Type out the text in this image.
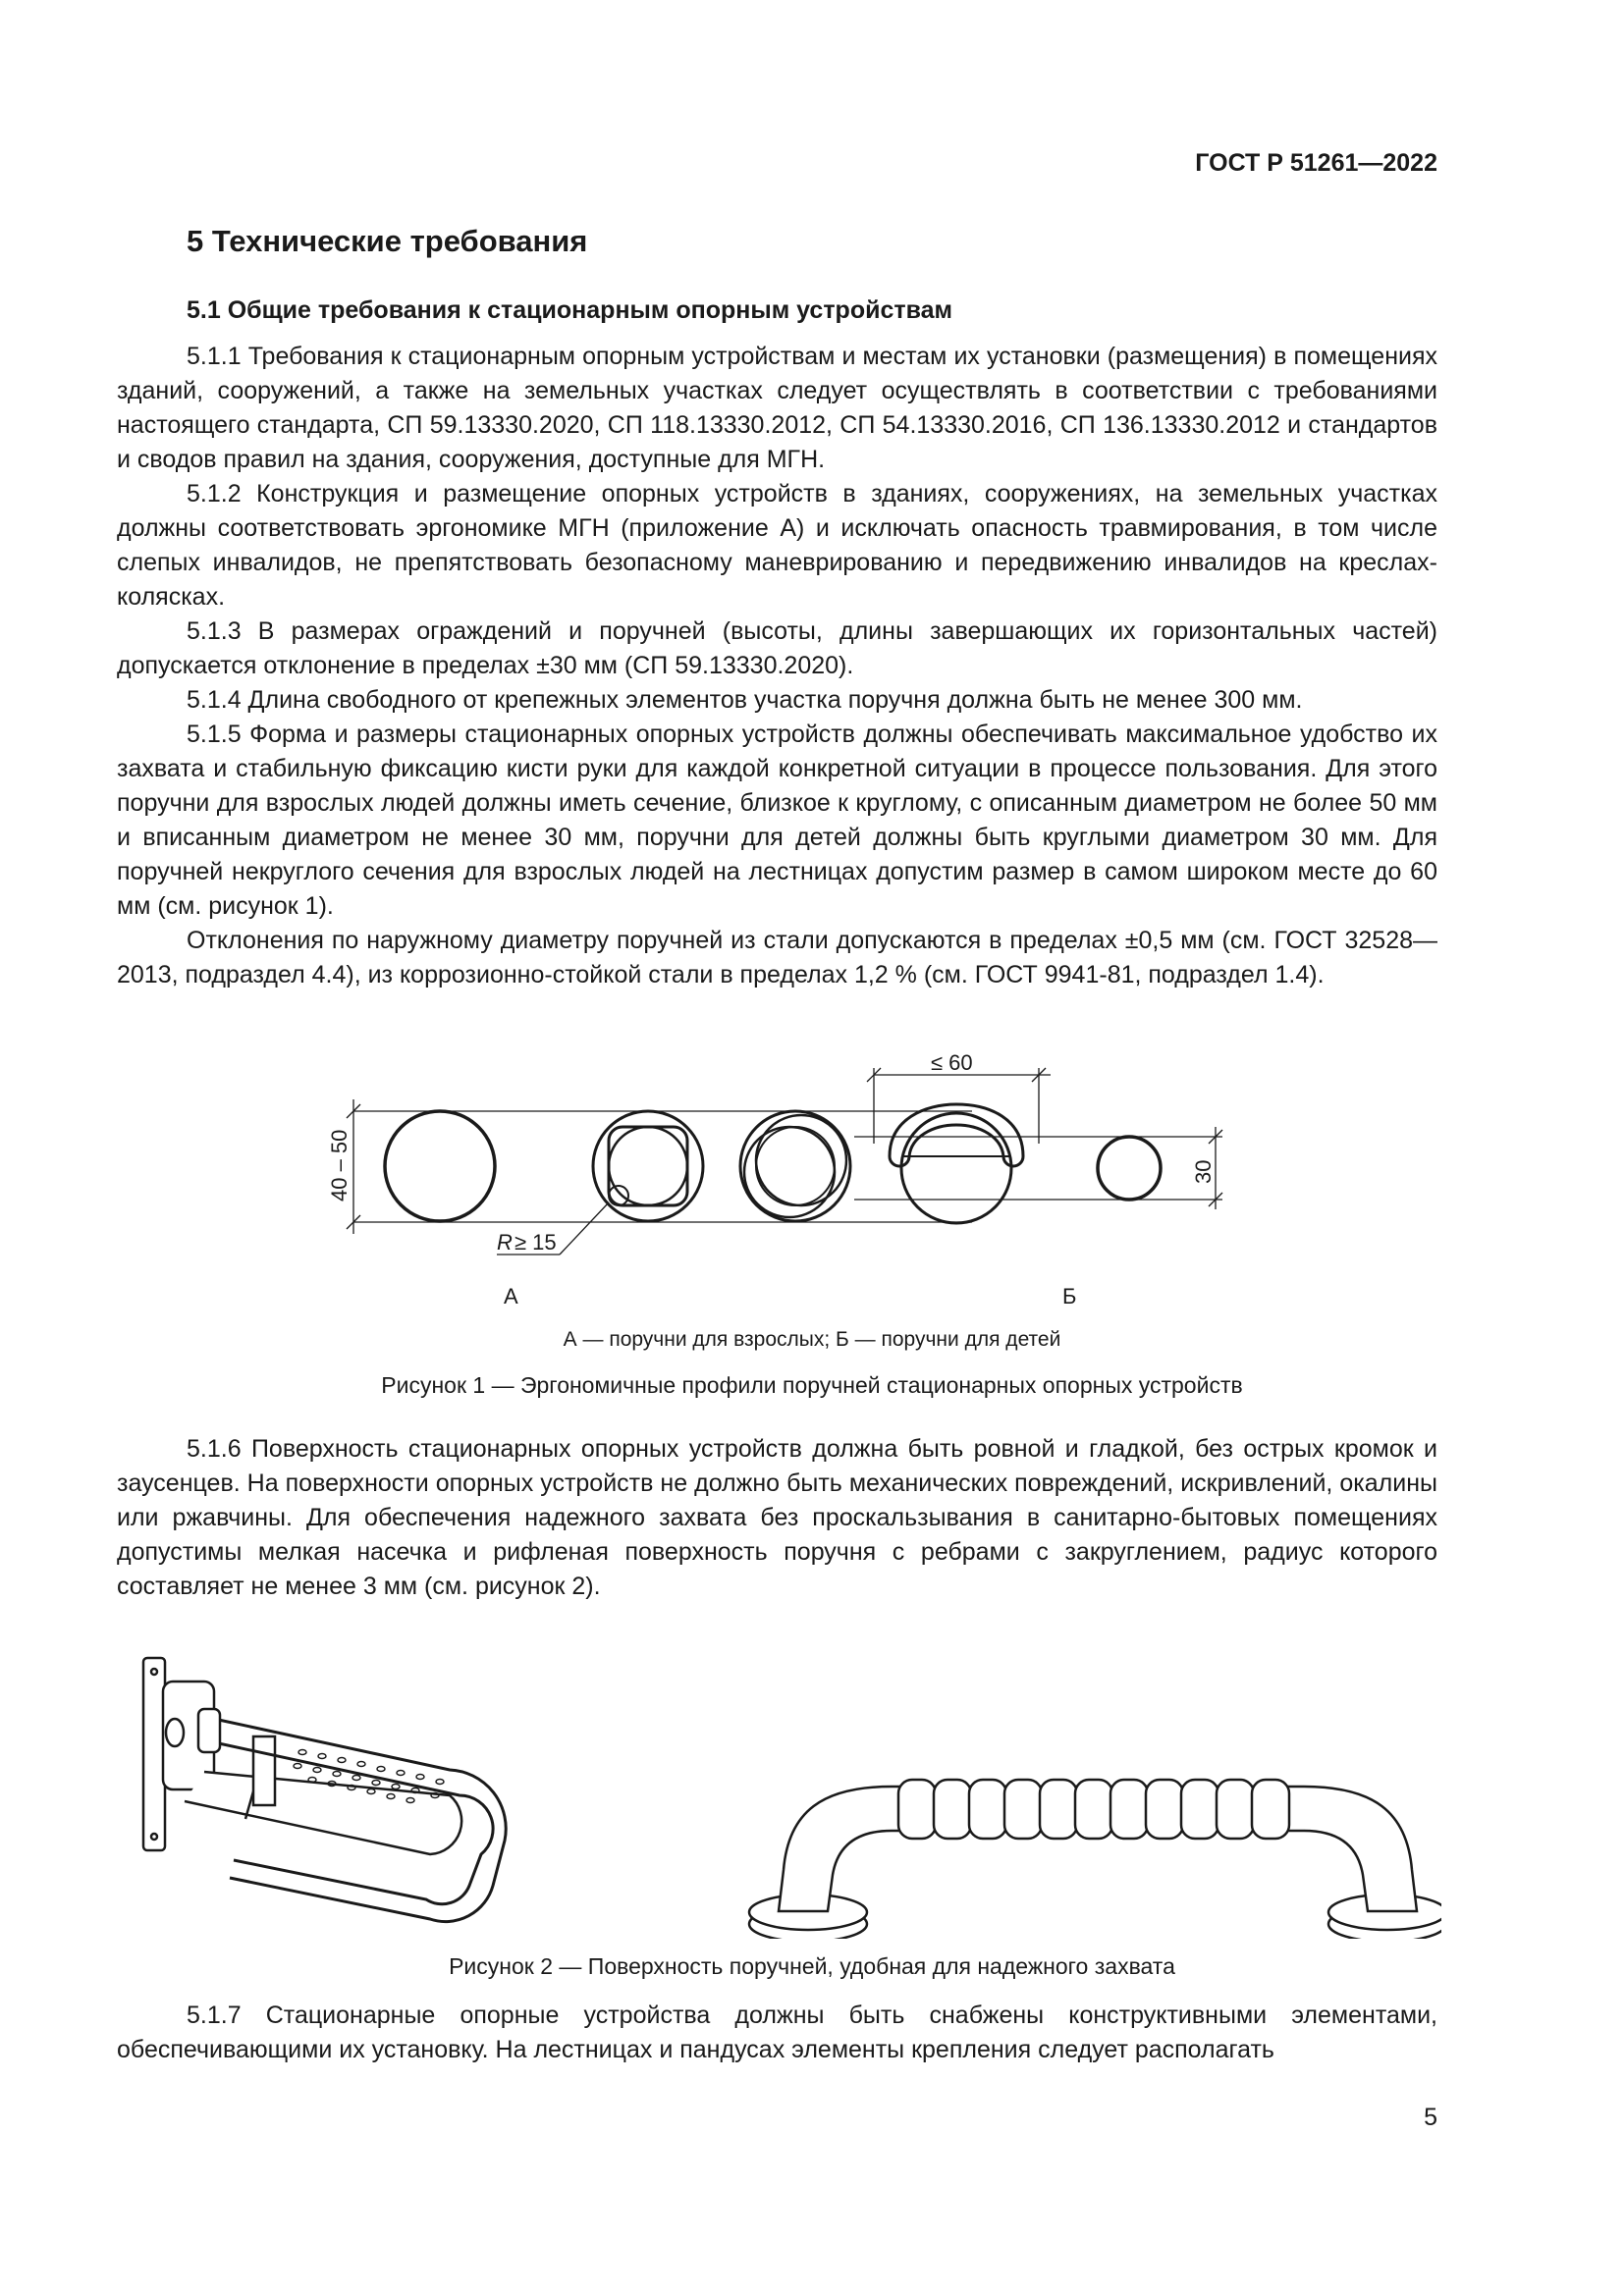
ГОСТ Р 51261—2022
5 Технические требования
5.1 Общие требования к стационарным опорным устройствам

5.1.1 Требования к стационарным опорным устройствам и местам их установки (размещения) в помещениях зданий, сооружений, а также на земельных участках следует осуществлять в соответствии с требованиями настоящего стандарта, СП 59.13330.2020, СП 118.13330.2012, СП 54.13330.2016, СП 136.13330.2012 и стандартов и сводов правил на здания, сооружения, доступные для МГН.

5.1.2 Конструкция и размещение опорных устройств в зданиях, сооружениях, на земельных участках должны соответствовать эргономике МГН (приложение А) и исключать опасность травмирования, в том числе слепых инвалидов, не препятствовать безопасному маневрированию и передвижению инвалидов на креслах-колясках.

5.1.3 В размерах ограждений и поручней (высоты, длины завершающих их горизонтальных частей) допускается отклонение в пределах ±30 мм (СП 59.13330.2020).

5.1.4 Длина свободного от крепежных элементов участка поручня должна быть не менее 300 мм.

5.1.5 Форма и размеры стационарных опорных устройств должны обеспечивать максимальное удобство их захвата и стабильную фиксацию кисти руки для каждой конкретной ситуации в процессе пользования. Для этого поручни для взрослых людей должны иметь сечение, близкое к круглому, с описанным диаметром не более 50 мм и вписанным диаметром не менее 30 мм, поручни для детей должны быть круглыми диаметром 30 мм. Для поручней некруглого сечения для взрослых людей на лестницах допустим размер в самом широком месте до 60 мм (см. рисунок 1).

Отклонения по наружному диаметру поручней из стали допускаются в пределах ±0,5 мм (см. ГОСТ 32528—2013, подраздел 4.4), из коррозионно-стойкой стали в пределах 1,2 % (см. ГОСТ 9941-81, подраздел 1.4).

40 – 50	30
≤ 60
R ≥ 15
А	Б
А — поручни для взрослых; Б — поручни для детей
Рисунок 1 — Эргономичные профили поручней стационарных опорных устройств

5.1.6 Поверхность стационарных опорных устройств должна быть ровной и гладкой, без острых кромок и заусенцев. На поверхности опорных устройств не должно быть механических повреждений, искривлений, окалины или ржавчины. Для обеспечения надежного захвата без проскальзывания в санитарно-бытовых помещениях допустимы мелкая насечка и рифленая поверхность поручня с ребрами с закруглением, радиус которого составляет не менее 3 мм (см. рисунок 2).

Рисунок 2 — Поверхность поручней, удобная для надежного захвата

5.1.7 Стационарные опорные устройства должны быть снабжены конструктивными элементами, обеспечивающими их установку. На лестницах и пандусах элементы крепления следует располагать

5
